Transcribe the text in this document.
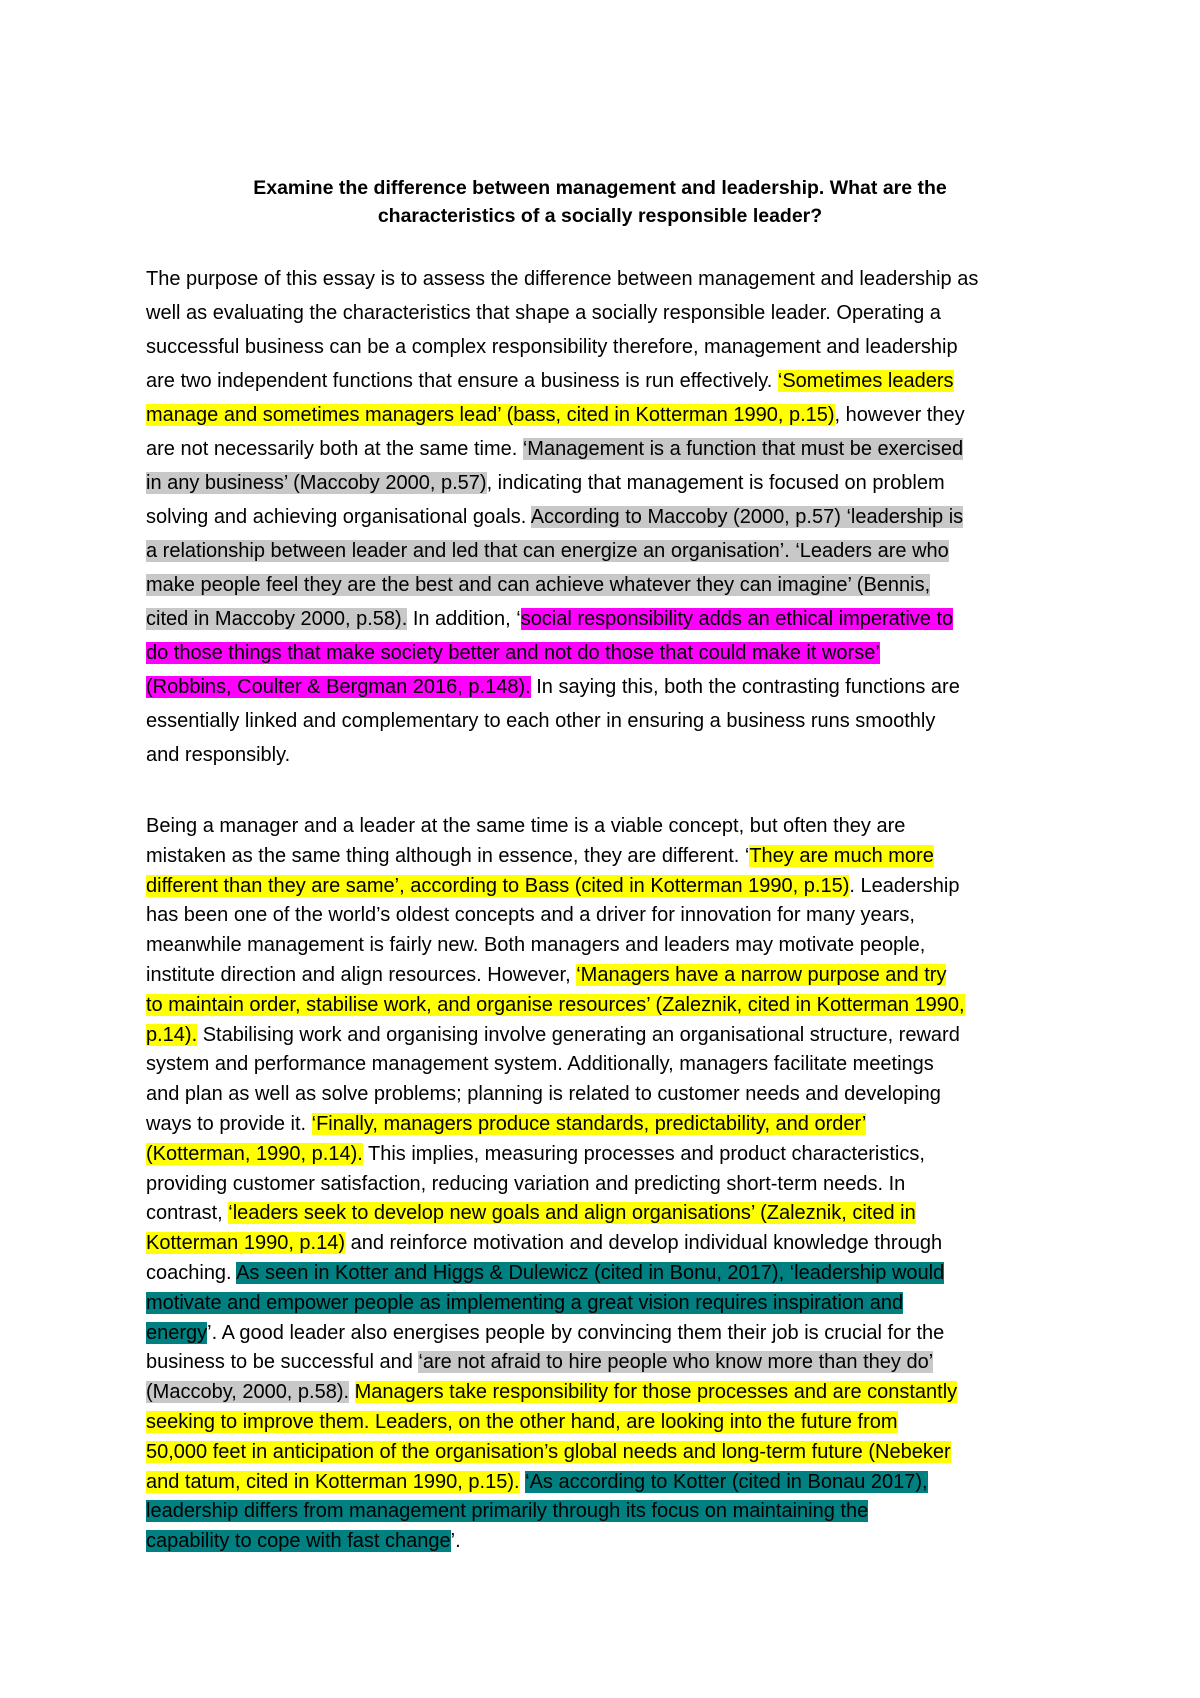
Examine the difference between management and leadership. What are the
characteristics of a socially responsible leader?
The purpose of this essay is to assess the difference between management and leadership as
well as evaluating the characteristics that shape a socially responsible leader. Operating a
successful business can be a complex responsibility therefore, management and leadership
are two independent functions that ensure a business is run effectively. ‘Sometimes leaders
manage and sometimes managers lead’ (bass, cited in Kotterman 1990, p.15), however they
are not necessarily both at the same time. ‘Management is a function that must be exercised
in any business’ (Maccoby 2000, p.57), indicating that management is focused on problem
solving and achieving organisational goals. According to Maccoby (2000, p.57) ‘leadership is
a relationship between leader and led that can energize an organisation’. ‘Leaders are who
make people feel they are the best and can achieve whatever they can imagine’ (Bennis,
cited in Maccoby 2000, p.58). In addition, ‘social responsibility adds an ethical imperative to
do those things that make society better and not do those that could make it worse’
(Robbins, Coulter & Bergman 2016, p.148). In saying this, both the contrasting functions are
essentially linked and complementary to each other in ensuring a business runs smoothly
and responsibly.
Being a manager and a leader at the same time is a viable concept, but often they are
mistaken as the same thing although in essence, they are different. ‘They are much more
different than they are same’, according to Bass (cited in Kotterman 1990, p.15). Leadership
has been one of the world’s oldest concepts and a driver for innovation for many years,
meanwhile management is fairly new. Both managers and leaders may motivate people,
institute direction and align resources. However, ‘Managers have a narrow purpose and try
to maintain order, stabilise work, and organise resources’ (Zaleznik, cited in Kotterman 1990,
p.14). Stabilising work and organising involve generating an organisational structure, reward
system and performance management system. Additionally, managers facilitate meetings
and plan as well as solve problems; planning is related to customer needs and developing
ways to provide it. ‘Finally, managers produce standards, predictability, and order’
(Kotterman, 1990, p.14). This implies, measuring processes and product characteristics,
providing customer satisfaction, reducing variation and predicting short-term needs. In
contrast, ‘leaders seek to develop new goals and align organisations’ (Zaleznik, cited in
Kotterman 1990, p.14) and reinforce motivation and develop individual knowledge through
coaching. As seen in Kotter and Higgs & Dulewicz (cited in Bonu, 2017), ‘leadership would
motivate and empower people as implementing a great vision requires inspiration and
energy’. A good leader also energises people by convincing them their job is crucial for the
business to be successful and ‘are not afraid to hire people who know more than they do’
(Maccoby, 2000, p.58). Managers take responsibility for those processes and are constantly
seeking to improve them. Leaders, on the other hand, are looking into the future from
50,000 feet in anticipation of the organisation’s global needs and long-term future (Nebeker
and tatum, cited in Kotterman 1990, p.15). ‘As according to Kotter (cited in Bonau 2017),
leadership differs from management primarily through its focus on maintaining the
capability to cope with fast change’.
